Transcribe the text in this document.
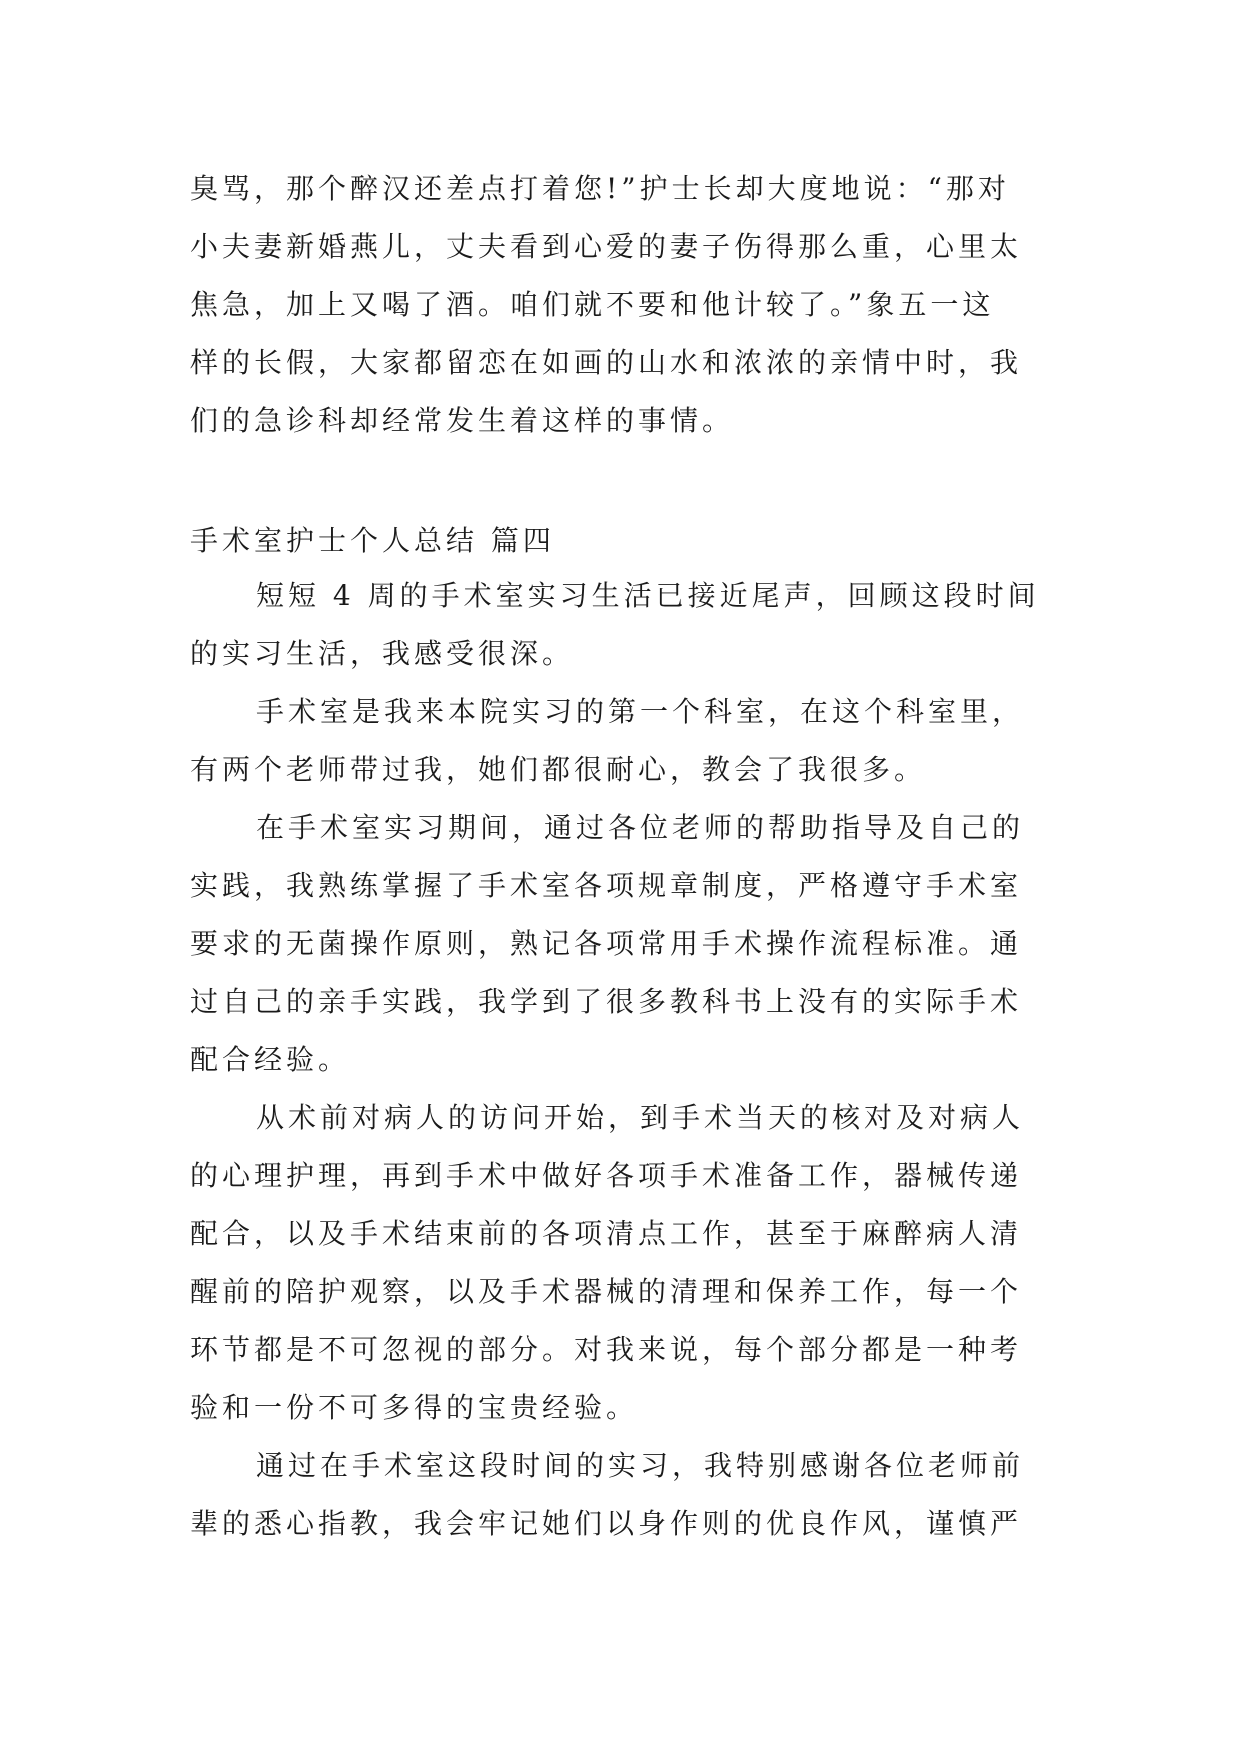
臭骂，那个醉汉还差点打着您!”护士长却大度地说：“那对
小夫妻新婚燕儿，丈夫看到心爱的妻子伤得那么重，心里太
焦急，加上又喝了酒。咱们就不要和他计较了。”象五一这
样的长假，大家都留恋在如画的山水和浓浓的亲情中时，我
们的急诊科却经常发生着这样的事情。
手术室护士个人总结 篇四
短短 4 周的手术室实习生活已接近尾声，回顾这段时间
的实习生活，我感受很深。
手术室是我来本院实习的第一个科室，在这个科室里，
有两个老师带过我，她们都很耐心，教会了我很多。
在手术室实习期间，通过各位老师的帮助指导及自己的
实践，我熟练掌握了手术室各项规章制度，严格遵守手术室
要求的无菌操作原则，熟记各项常用手术操作流程标准。通
过自己的亲手实践，我学到了很多教科书上没有的实际手术
配合经验。
从术前对病人的访问开始，到手术当天的核对及对病人
的心理护理，再到手术中做好各项手术准备工作，器械传递
配合，以及手术结束前的各项清点工作，甚至于麻醉病人清
醒前的陪护观察，以及手术器械的清理和保养工作，每一个
环节都是不可忽视的部分。对我来说，每个部分都是一种考
验和一份不可多得的宝贵经验。
通过在手术室这段时间的实习，我特别感谢各位老师前
辈的悉心指教，我会牢记她们以身作则的优良作风，谨慎严
